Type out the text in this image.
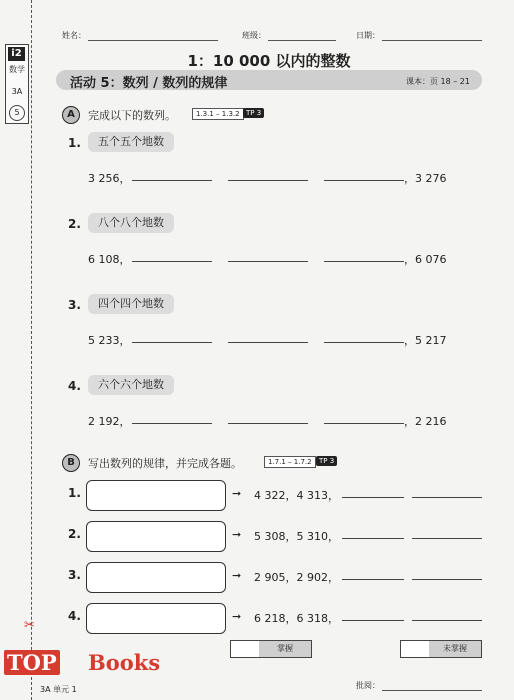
i2
数学
3A
5
姓名：	班级：	日期：
1：10 000 以内的整数
活动 5：数列 / 数列的规律	课本：页 18 – 21
A	完成以下的数列。	1.3.1 – 1.3.2 TP 3
1.	五个五个地数
3 256，	，3 276
2.	八个八个地数
6 108，	，6 076
3.	四个四个地数
5 233，	，5 217
4.	六个六个地数
2 192，	，2 216
B	写出数列的规律，并完成各题。	1.7.1 – 1.7.2	TP 3
1.	➞ 4 322，4 313，
2.	➞ 5 308，5 310，
3.	➞ 2 905，2 902，
4.	➞ 6 218，6 318，
掌握	未掌握
3A 单元 1	批阅：
✂
TOP Books
